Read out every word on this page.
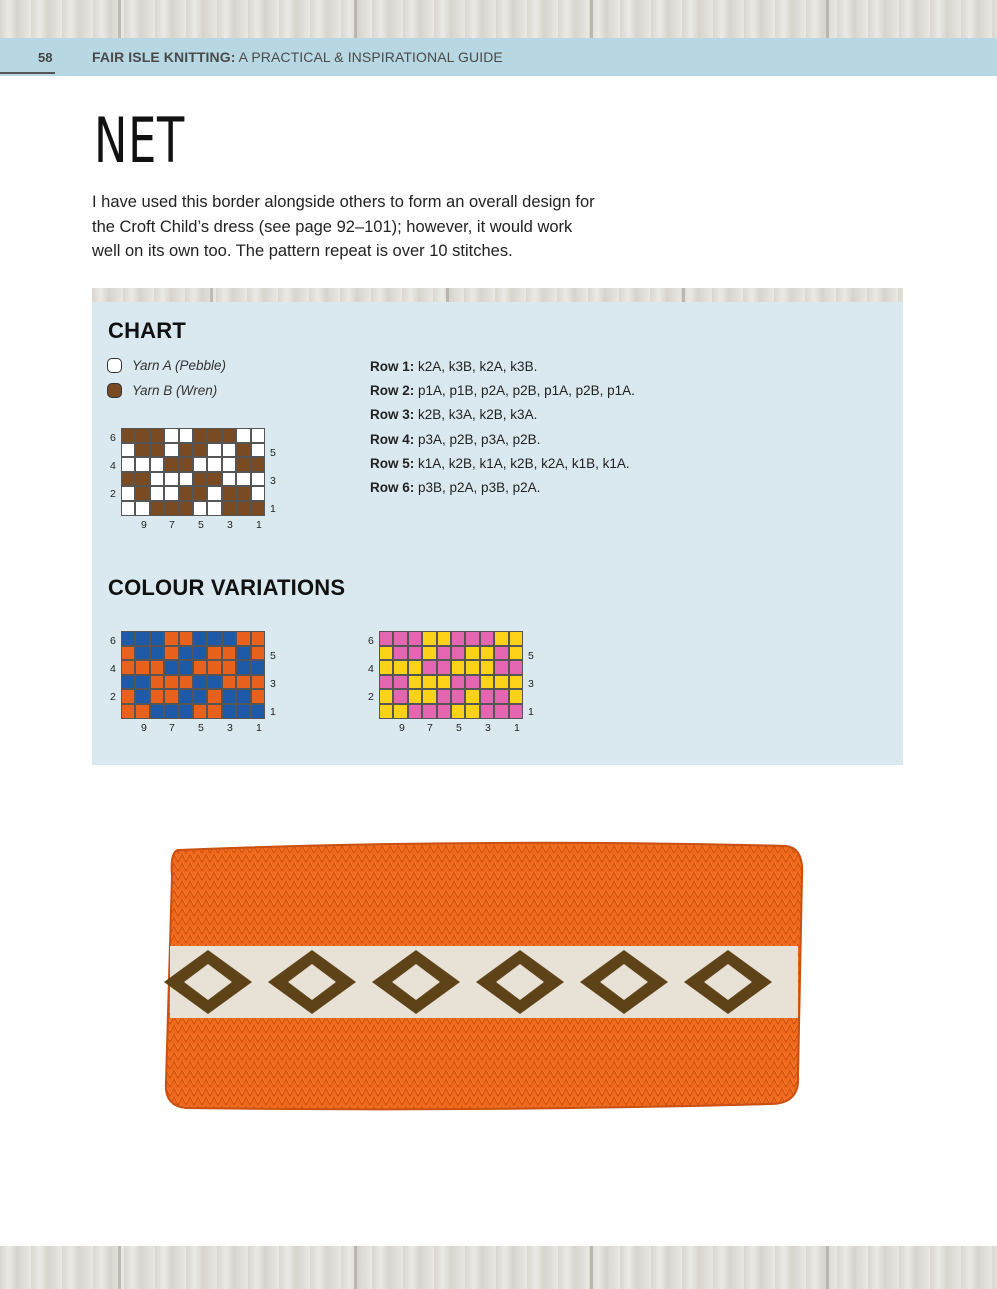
58	FAIR ISLE KNITTING: A PRACTICAL & INSPIRATIONAL GUIDE
NET
I have used this border alongside others to form an overall design for
the Croft Child’s dress (see page 92–101); however, it would work
well on its own too. The pattern repeat is over 10 stitches.
CHART
Yarn A (Pebble)
Yarn B (Wren)
Row 1: k2A, k3B, k2A, k3B.
Row 2: p1A, p1B, p2A, p2B, p1A, p2B, p1A.
Row 3: k2B, k3A, k2B, k3A.
Row 4: p3A, p2B, p3A, p2B.
Row 5: k1A, k2B, k1A, k2B, k2A, k1B, k1A.
Row 6: p3B, p2A, p3B, p2A.
6
4
2
5
3
1
9 7 5 3 1
COLOUR VARIATIONS
6
4
2
5
3
1
9 7 5 3 1
6
4
2
5
3
1
9 7 5 3 1
